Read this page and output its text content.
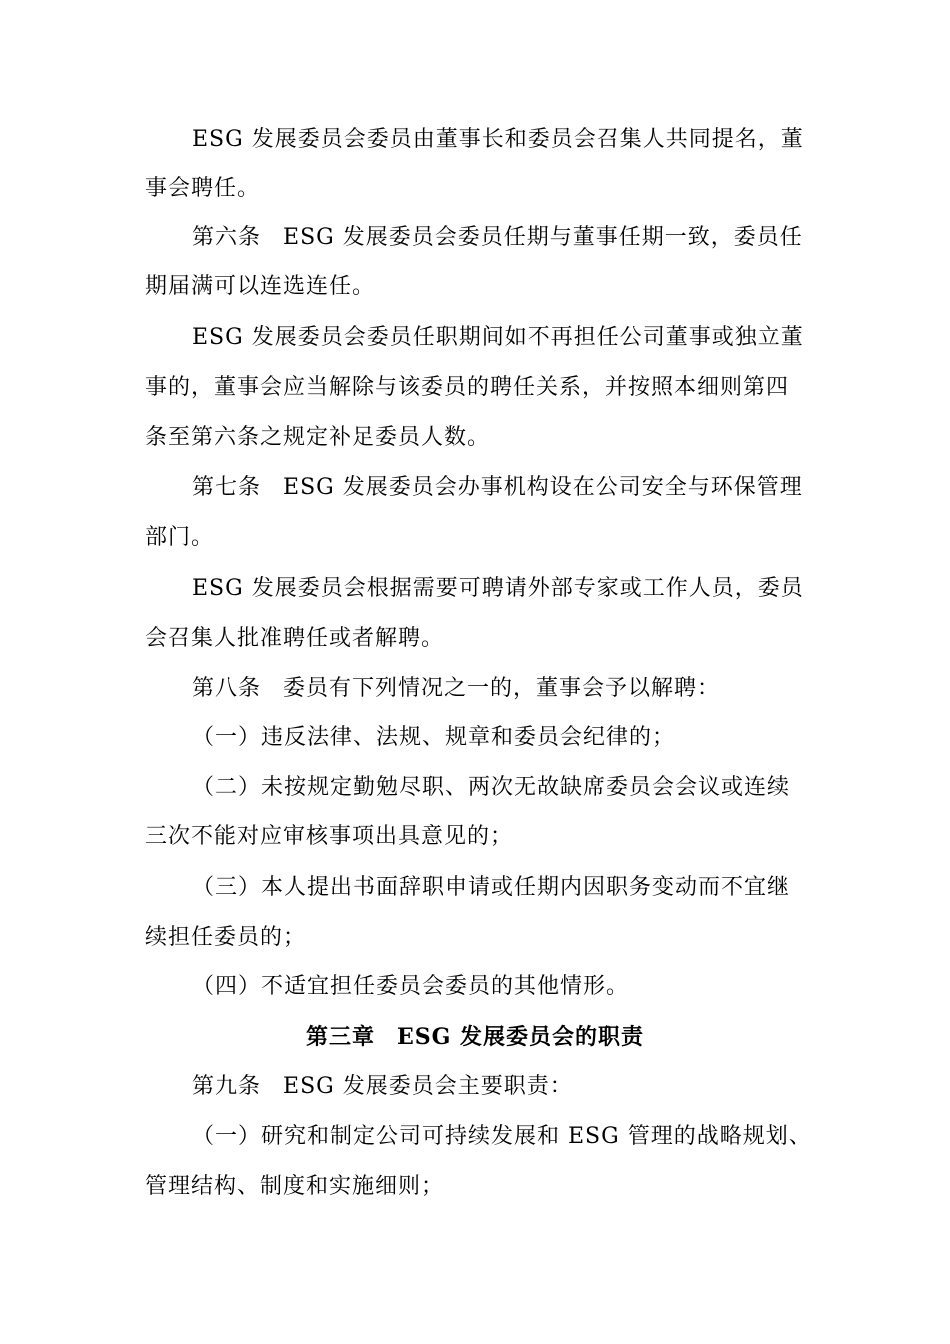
ESG 发展委员会委员由董事长和委员会召集人共同提名，董
事会聘任。
第六条 ESG 发展委员会委员任期与董事任期一致，委员任
期届满可以连选连任。
ESG 发展委员会委员任职期间如不再担任公司董事或独立董
事的，董事会应当解除与该委员的聘任关系，并按照本细则第四
条至第六条之规定补足委员人数。
第七条 ESG 发展委员会办事机构设在公司安全与环保管理
部门。
ESG 发展委员会根据需要可聘请外部专家或工作人员，委员
会召集人批准聘任或者解聘。
第八条 委员有下列情况之一的，董事会予以解聘：
（一）违反法律、法规、规章和委员会纪律的；
（二）未按规定勤勉尽职、两次无故缺席委员会会议或连续
三次不能对应审核事项出具意见的；
（三）本人提出书面辞职申请或任期内因职务变动而不宜继
续担任委员的；
（四）不适宜担任委员会委员的其他情形。
第三章 ESG 发展委员会的职责
第九条 ESG 发展委员会主要职责：
（一）研究和制定公司可持续发展和 ESG 管理的战略规划、
管理结构、制度和实施细则；
